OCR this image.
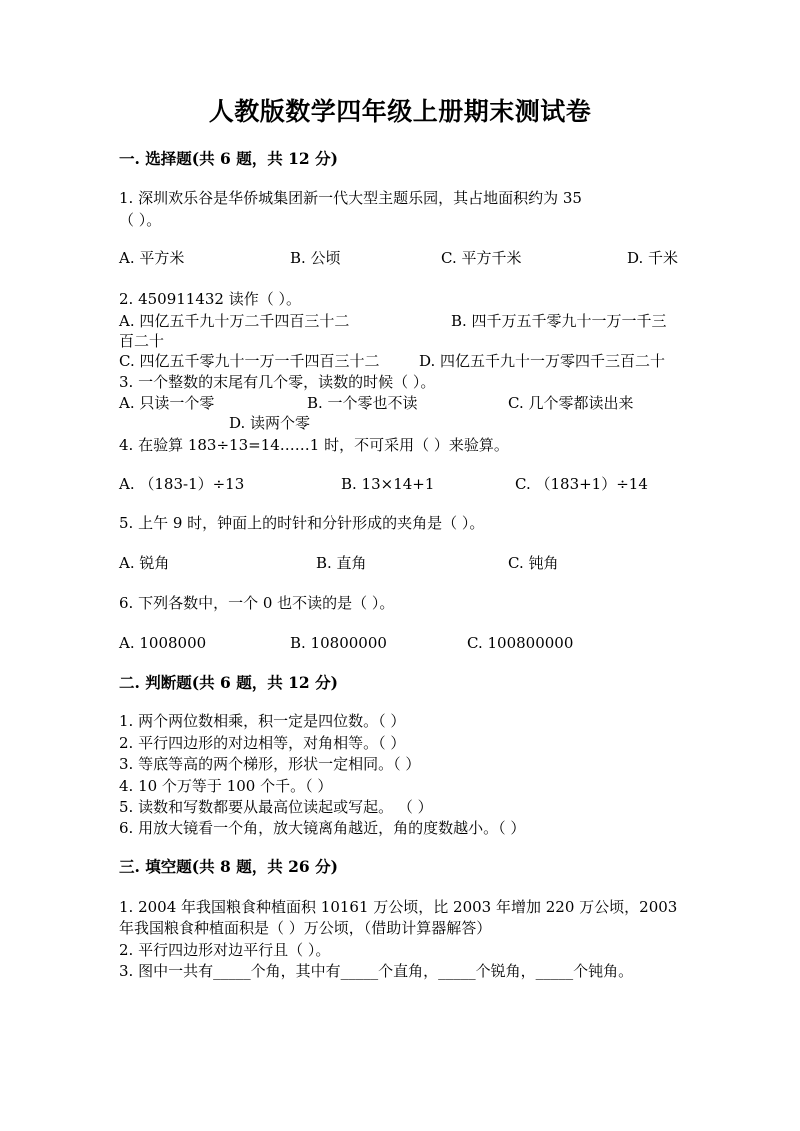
人教版数学四年级上册期末测试卷
一. 选择题(共 6 题，共 12 分)
1. 深圳欢乐谷是华侨城集团新一代大型主题乐园，其占地面积约为 35
（ ）。
A. 平方米	B. 公顷	C. 平方千米	D. 千米
2. 450911432 读作（ ）。
A. 四亿五千九十万二千四百三十二	B. 四千万五千零九十一万一千三
百二十
C. 四亿五千零九十一万一千四百三十二	D. 四亿五千九十一万零四千三百二十
3. 一个整数的末尾有几个零，读数的时候（ ）。
A. 只读一个零	B. 一个零也不读	C. 几个零都读出来
D. 读两个零
4. 在验算 183÷13=14……1 时，不可采用（ ）来验算。
A. （183-1）÷13	B. 13×14+1	C. （183+1）÷14
5. 上午 9 时，钟面上的时针和分针形成的夹角是（ ）。
A. 锐角	B. 直角	C. 钝角
6. 下列各数中，一个 0 也不读的是（ ）。
A. 1008000	B. 10800000	C. 100800000
二. 判断题(共 6 题，共 12 分)
1. 两个两位数相乘，积一定是四位数。（ ）
2. 平行四边形的对边相等，对角相等。（ ）
3. 等底等高的两个梯形，形状一定相同。（ ）
4. 10 个万等于 100 个千。（ ）
5. 读数和写数都要从最高位读起或写起。 （ ）
6. 用放大镜看一个角，放大镜离角越近，角的度数越小。（ ）
三. 填空题(共 8 题，共 26 分)
1. 2004 年我国粮食种植面积 10161 万公顷，比 2003 年增加 220 万公顷，2003
年我国粮食种植面积是（ ）万公顷，（借助计算器解答）
2. 平行四边形对边平行且（ ）。
3. 图中一共有_____个角，其中有_____个直角，_____个锐角，_____个钝角。
